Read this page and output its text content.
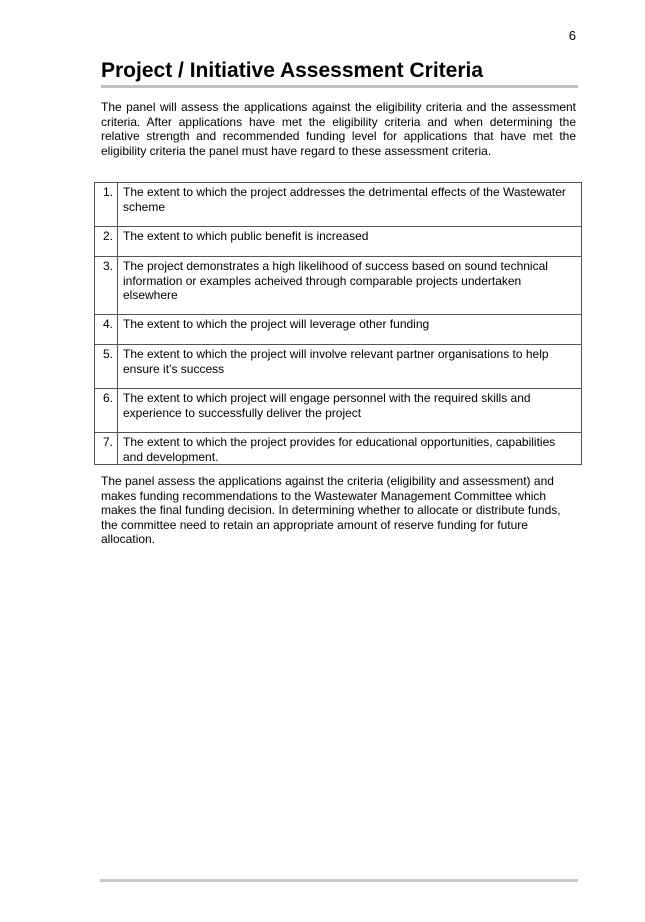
6
Project / Initiative Assessment Criteria

The panel will assess the applications against the eligibility criteria and the assessment criteria. After applications have met the eligibility criteria and when determining the relative strength and recommended funding level for applications that have met the eligibility criteria the panel must have regard to these assessment criteria.

1.	The extent to which the project addresses the detrimental effects of the Wastewater scheme
2.	The extent to which public benefit is increased
3.	The project demonstrates a high likelihood of success based on sound technical information or examples acheived through comparable projects undertaken elsewhere
4.	The extent to which the project will leverage other funding
5.	The extent to which the project will involve relevant partner organisations to help ensure it’s success
6.	The extent to which project will engage personnel with the required skills and experience to successfully deliver the project
7.	The extent to which the project provides for educational opportunities, capabilities and development.

The panel assess the applications against the criteria (eligibility and assessment) and makes funding recommendations to the Wastewater Management Committee which makes the final funding decision. In determining whether to allocate or distribute funds, the committee need to retain an appropriate amount of reserve funding for future allocation.
